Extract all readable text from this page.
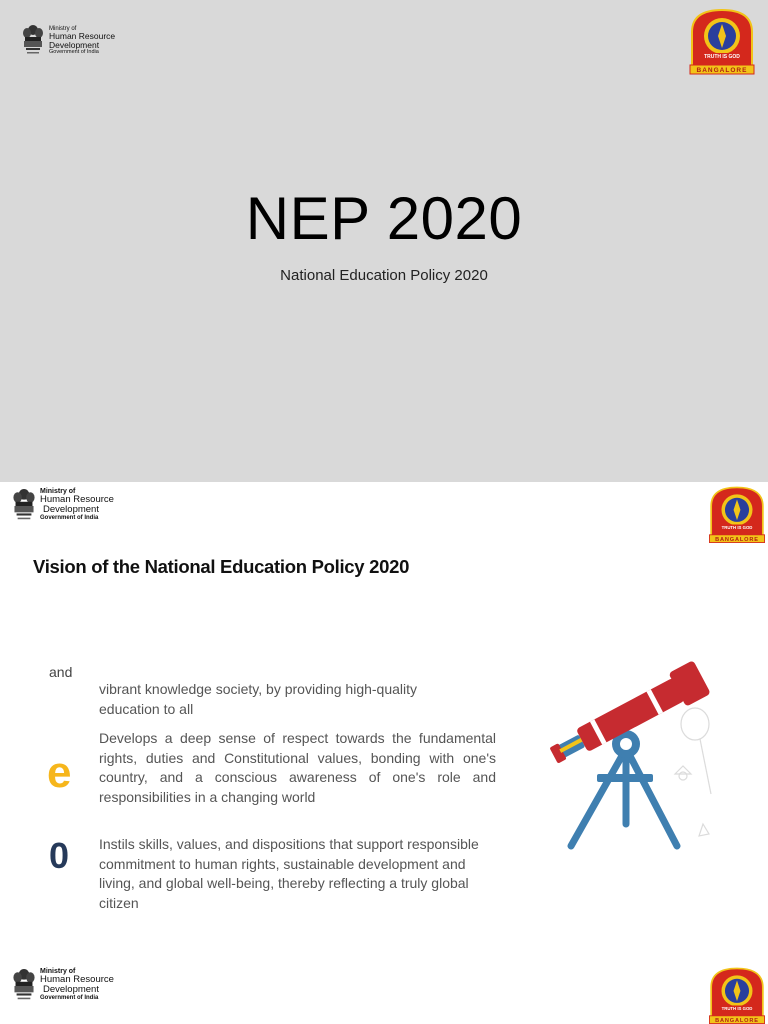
Ministry of
Human Resource
Development
Government of India
TRUTH IS GOD
BANGALORE
NEP 2020

National Education Policy 2020

Ministry of
Human Resource
Development
Government of India
TRUTH IS GOD
BANGALORE
Vision of the National Education Policy 2020
and

vibrant knowledge society, by providing high-quality education to all

e

Develops a deep sense of respect towards the fundamental rights, duties and Constitutional values, bonding with one's country, and a conscious awareness of one's role and responsibilities in a changing world

0 Instils skills, values, and dispositions that support responsible commitment to human rights, sustainable development and living, and global well-being, thereby reflecting a truly global citizen

Ministry of
Human Resource
Development
Government of India
TRUTH IS GOD
BANGALORE
